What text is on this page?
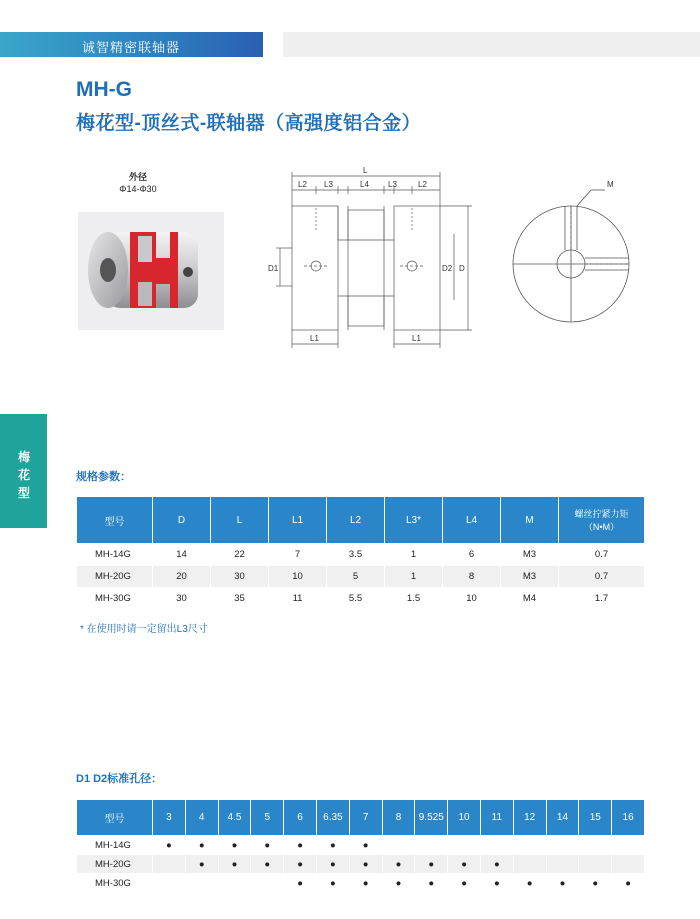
诚智精密联轴器
MH-G
梅花型-顶丝式-联轴器（高强度铝合金）
外径
Φ14-Φ30
L
L2 L3	L4 L3	L2
L1	L1
D1	D2 D
M
梅花型
规格参数：
型号	D	L	L1	L2	L3*	L4	M	螺丝拧紧力矩
（N•M）
MH-14G	14	22	7	3.5	1	6	M3	0.7
MH-20G	20	30	10	5	1	8	M3	0.7
MH-30G	30	35	11	5.5	1.5	10	M4	1.7
* 在使用时请一定留出L3尺寸
D1 D2标准孔径：
型号	3	4	4.5	5	6	6.35	7	8	9.525	10	11	12	14	15	16
MH-14G	●	●	●	●	●	●	●								
MH-20G		●	●	●	●	●	●	●	●	●	●				
MH-30G					●	●	●	●	●	●	●	●	●	●	●
